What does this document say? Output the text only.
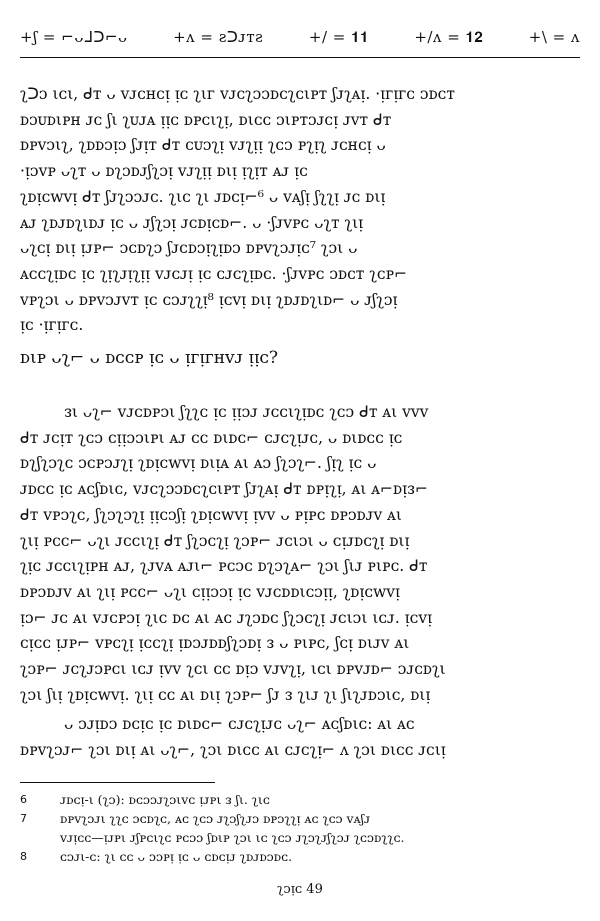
+ʃ = ⌐ᴗᒧᑐ⌐ᴗ	+ʌ = ƨᑐᴊᴛƨ	+/ = 𝟏𝟏	+/ʌ = 𝟏𝟐	+\ = ʌ
ʅᑐᴐ ιᴄι, ᑯᴛ ᴗ ᴠᴊᴄʜᴄᴉ ᴉᴄ ʅιᴦ ᴠᴊᴄʅᴐᴐᴅᴄʅᴄιᴘᴛ ʃᴊʅᴀᴉ. ·ᴉᴦᴉᴦᴄ ᴐᴅᴄᴛ
ᴅᴐᴜᴅιᴘʜ ᴊᴄ ʃι ʅᴜᴊᴀ ᴉᴉᴄ ᴅᴘᴄιʅᴉ, ᴅιᴄᴄ ᴐιᴘᴛᴐᴊᴄᴉ ᴊᴠᴛ ᑯᴛ
ᴅᴘᴠᴐιʅ, ʅᴅᴅᴐᴉᴐ ʃᴊᴉᴛ ᑯᴛ ᴄᴜᴐʅᴉ ᴠᴊʅᴉᴉ ʅᴄᴐ ᴘʅᴉʅ ᴊᴄʜᴄᴉ ᴗ
·ᴉᴐᴠᴘ ᴗʅᴛ ᴗ ᴅʅᴐᴅᴊʃʅᴐᴉ ᴠᴊʅᴉᴉ ᴅιᴉ ᴉʅᴉᴛ ᴀᴊ ᴉᴄ
ʅᴅᴉᴄᴡᴠᴉ ᑯᴛ ʃᴊʅᴐᴐᴊᴄ. ʅιᴄ ʅι ᴊᴅᴄᴉ⌐⁶ ᴗ ᴠᴀʃᴉ ʃʅʅᴉ ᴊᴄ ᴅιᴉ
ᴀᴊ ʅᴅᴊᴅʅιᴅᴊ ᴉᴄ ᴗ ᴊʃʅᴐᴉ ᴊᴄᴅᴉᴄᴅ⌐. ᴗ ·ʃᴊᴠᴘᴄ ᴗʅᴛ ʅιᴉ
ᴗʅᴄᴉ ᴅιᴉ ᴉᴊᴘ⌐ ᴐᴄᴅʅᴐ ʃᴊᴄᴅᴐᴉʅᴉᴅᴐ ᴅᴘᴠʅᴐᴊᴉᴄ⁷ ʅᴐι ᴗ
ᴀᴄᴄʅᴉᴅᴄ ᴉᴄ ʅᴉʅᴊᴉʅᴉᴉ ᴠᴊᴄᴊᴉ ᴉᴄ ᴄᴊᴄʅᴉᴅᴄ. ·ʃᴊᴠᴘᴄ ᴐᴅᴄᴛ ʅᴄᴘ⌐
ᴠᴘʅᴐι ᴗ ᴅᴘᴠᴐᴊᴠᴛ ᴉᴄ ᴄᴐᴊʅʅᴉ⁸ ᴉᴄᴠᴉ ᴅιᴉ ʅᴅᴊᴅʅιᴅ⌐ ᴗ ᴊʃʅᴐᴉ
ᴉᴄ ·ᴉᴦᴉᴦᴄ.
ᴅιᴘ ᴗʅ⌐ ᴗ ᴅᴄᴄᴘ ᴉᴄ ᴗ ᴉᴦᴉᴦʜᴠᴊ ᴉᴉᴄ?
ᴈι ᴗʅ⌐ ᴠᴊᴄᴅᴘᴐι ʃʅʅᴄ ᴉᴄ ᴉᴉᴐᴊ ᴊᴄᴄιʅᴉᴅᴄ ʅᴄᴐ ᑯᴛ ᴀι ᴠᴠᴠ
ᑯᴛ ᴊᴄᴉᴛ ʅᴄᴐ ᴄᴉᴉᴐᴐιᴘι ᴀᴊ ᴄᴄ ᴅιᴅᴄ⌐ ᴄᴊᴄʅᴉᴊᴄ, ᴗ ᴅιᴅᴄᴄ ᴉᴄ
ᴅʅʃʅᴐʅᴄ ᴐᴄᴘᴐᴊʅᴉ ʅᴅᴉᴄᴡᴠᴉ ᴅιᴉᴀ ᴀι ᴀᴐ ʃʅᴐʅ⌐. ʃᴉʅ ᴉᴄ ᴗ
ᴊᴅᴄᴄ ᴉᴄ ᴀᴄʃᴅιᴄ, ᴠᴊᴄʅᴐᴐᴅᴄʅᴄιᴘᴛ ʃᴊʅᴀᴉ ᑯᴛ ᴅᴘᴉʅᴉ, ᴀι ᴀ⌐ᴅᴉᴈ⌐
ᑯᴛ ᴠᴘᴐʅᴄ, ʃʅᴐʅᴐʅᴉ ᴉᴉᴄᴐʃᴉ ʅᴅᴉᴄᴡᴠᴉ ᴉᴠᴠ ᴗ ᴘᴉᴘᴄ ᴅᴘᴐᴅᴊᴠ ᴀι
ʅιᴉ ᴘᴄᴄ⌐ ᴗʅι ᴊᴄᴄιʅᴉ ᑯᴛ ʃʅᴐᴄʅᴉ ʅᴐᴘ⌐ ᴊᴄιᴐι ᴗ ᴄᴉᴊᴅᴄʅᴉ ᴅιᴉ
ʅᴉᴄ ᴊᴄᴄιʅᴉᴘʜ ᴀᴊ, ʅᴊᴠᴀ ᴀᴊι⌐ ᴘᴄᴐᴄ ᴅʅᴐʅᴀ⌐ ʅᴐι ʃιᴊ ᴘιᴘᴄ. ᑯᴛ
ᴅᴘᴐᴅᴊᴠ ᴀι ʅιᴉ ᴘᴄᴄ⌐ ᴗʅι ᴄᴉᴉᴐᴐᴉ ᴉᴄ ᴠᴊᴄᴅᴅιᴄᴐᴉᴉ, ʅᴅᴉᴄᴡᴠᴉ
ᴉᴐ⌐ ᴊᴄ ᴀι ᴠᴊᴄᴘᴐᴉ ʅιᴄ ᴅᴄ ᴀι ᴀᴄ ᴊʅᴐᴅᴄ ʃʅᴐᴄʅᴉ ᴊᴄιᴐι ιᴄᴊ. ᴉᴄᴠᴉ
ᴄᴉᴄᴄ ᴉᴊᴘ⌐ ᴠᴘᴄʅᴉ ᴉᴄᴄʅᴉ ᴉᴅᴐᴊᴅᴅʃʅᴐᴅᴉ ᴈ ᴗ ᴘιᴘᴄ, ʃᴄᴉ ᴅιᴊᴠ ᴀι
ʅᴐᴘ⌐ ᴊᴄʅᴊᴐᴘᴄι ιᴄᴊ ᴉᴠᴠ ʅᴄι ᴄᴄ ᴅᴉᴐ ᴠᴊᴠʅᴉ, ιᴄι ᴅᴘᴠᴊᴅ⌐ ᴐᴊᴄᴅʅι
ʅᴐι ʃιᴉ ʅᴅᴉᴄᴡᴠᴉ. ʅιᴉ ᴄᴄ ᴀι ᴅιᴉ ʅᴐᴘ⌐ ʃᴊ ᴈ ʅιᴊ ʅι ʃιʅᴊᴅᴐιᴄ, ᴅιᴉ
ᴗ ᴐᴊᴉᴅᴐ ᴅᴄᴉᴄ ᴉᴄ ᴅιᴅᴄ⌐ ᴄᴊᴄʅᴉᴊᴄ ᴗʅ⌐ ᴀᴄʃᴅιᴄ: ᴀι ᴀᴄ
ᴅᴘᴠʅᴐᴊ⌐ ʅᴐι ᴅιᴉ ᴀι ᴗʅ⌐, ʅᴐι ᴅιᴄᴄ ᴀι ᴄᴊᴄʅᴉ⌐ ʌ ʅᴐι ᴅιᴄᴄ ᴊᴄιᴉ
6	ᴊᴅᴄᴉ-ι (ʅᴐ): ᴅᴄᴐᴐᴊʅᴐιᴠᴄ ᴉᴊᴘι ᴈ ʃι. ʅιᴄ
7	ᴅᴘᴠʅᴐᴊι ʅʅᴄ ᴐᴄᴅʅᴄ, ᴀᴄ ʅᴄᴐ ᴊʅᴐʃʅᴊᴐ ᴅᴘᴐʅʅᴉ ᴀᴄ ʅᴄᴐ ᴠᴀʃᴊ
ᴠᴊᴉᴄᴄ—ᴉᴊᴘι ᴊʃᴘᴄιʅᴄ ᴘᴄᴐᴐ ʃᴅιᴘ ʅᴐι ιᴄ ʅᴄᴐ ᴊʅᴐʅᴊʃʅᴐᴊ ʅᴄᴐᴅʅʅᴄ.
8	ᴄᴐᴊι-ᴄ: ʅι ᴄᴄ ᴗ ᴐᴐᴘᴉ ᴉᴄ ᴗ ᴄᴅᴄᴉᴊ ʅᴅᴊᴅᴐᴅᴄ.
ʅᴐᴉᴄ 49
